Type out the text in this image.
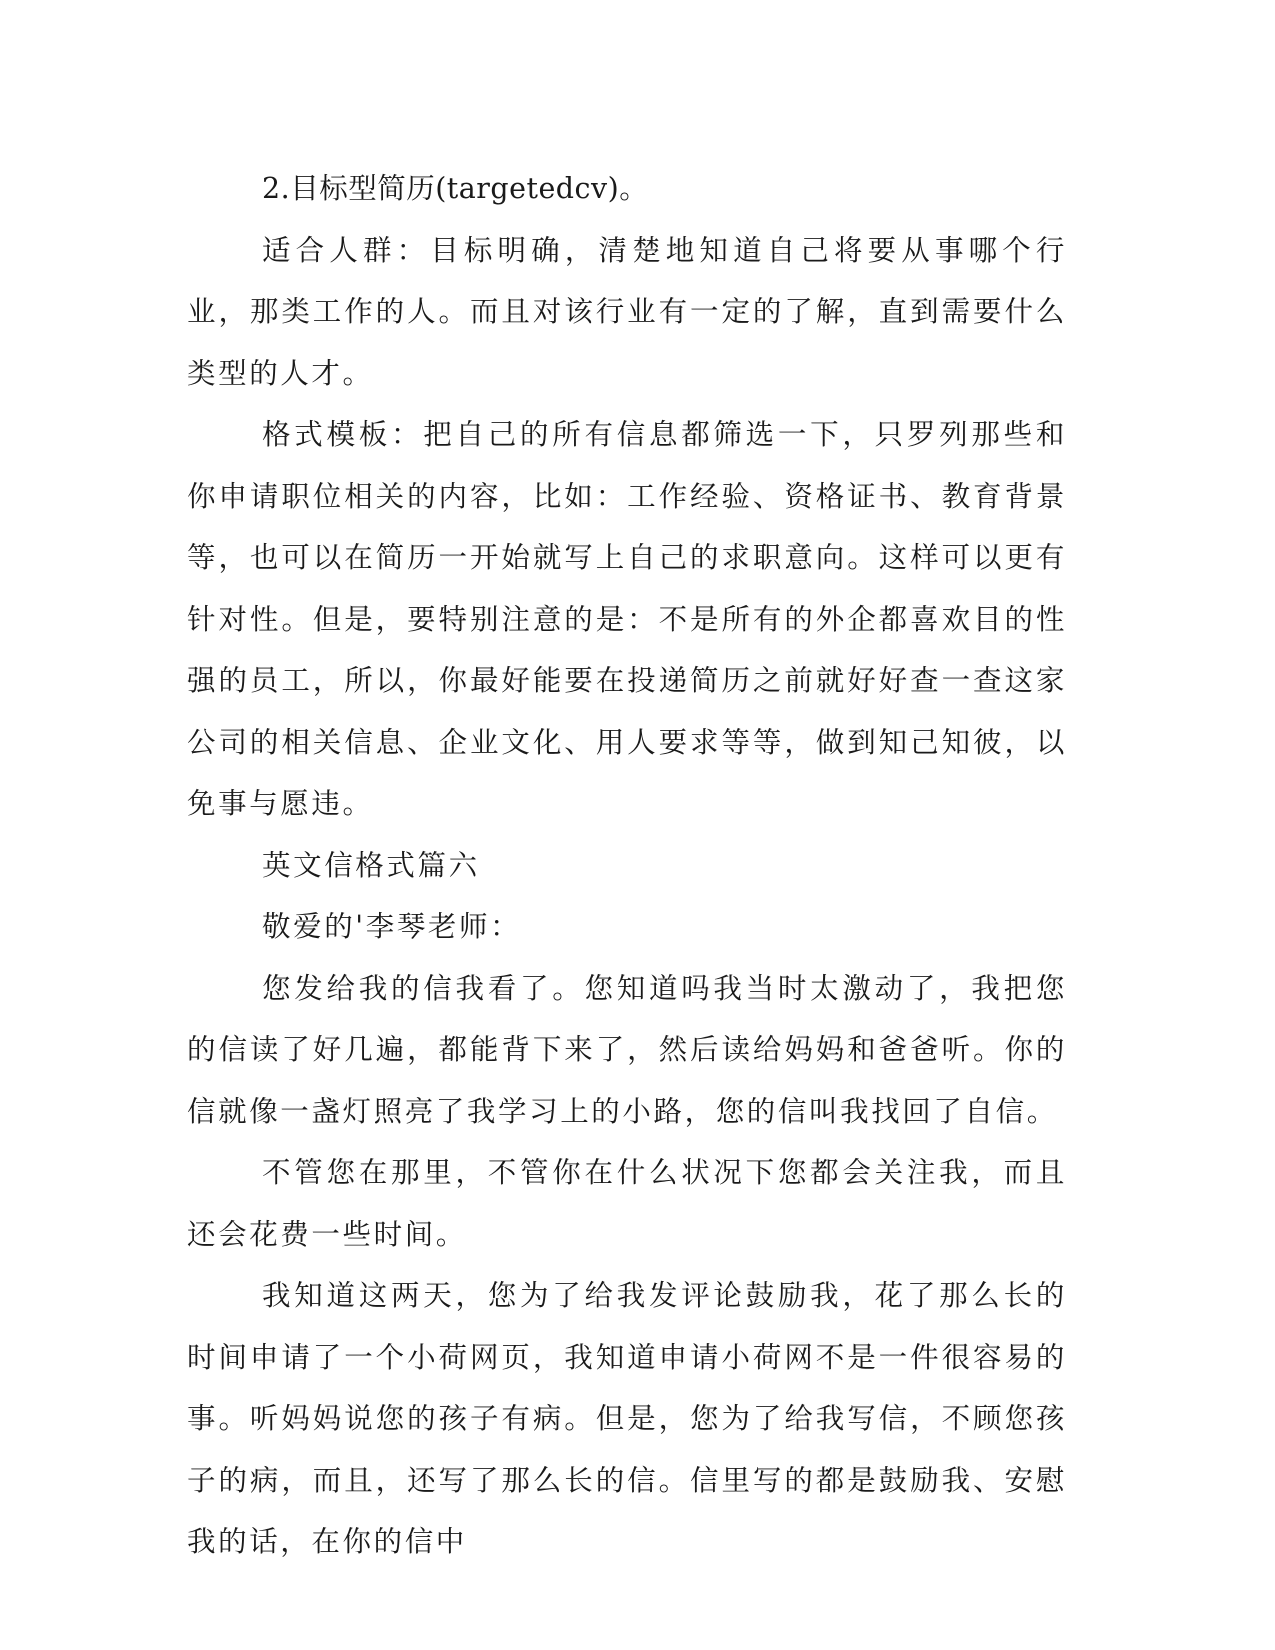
2.目标型简历(targetedcv)。

适合人群：目标明确，清楚地知道自己将要从事哪个行业，那类工作的人。而且对该行业有一定的了解，直到需要什么类型的人才。

格式模板：把自己的所有信息都筛选一下，只罗列那些和你申请职位相关的内容，比如：工作经验、资格证书、教育背景等，也可以在简历一开始就写上自己的求职意向。这样可以更有针对性。但是，要特别注意的是：不是所有的外企都喜欢目的性强的员工，所以，你最好能要在投递简历之前就好好查一查这家公司的相关信息、企业文化、用人要求等等，做到知己知彼，以免事与愿违。

英文信格式篇六

敬爱的'李琴老师：

您发给我的信我看了。您知道吗我当时太激动了，我把您的信读了好几遍，都能背下来了，然后读给妈妈和爸爸听。你的信就像一盏灯照亮了我学习上的小路，您的信叫我找回了自信。

不管您在那里，不管你在什么状况下您都会关注我，而且还会花费一些时间。

我知道这两天，您为了给我发评论鼓励我，花了那么长的时间申请了一个小荷网页，我知道申请小荷网不是一件很容易的事。听妈妈说您的孩子有病。但是，您为了给我写信，不顾您孩子的病，而且，还写了那么长的信。信里写的都是鼓励我、安慰我的话，在你的信中
